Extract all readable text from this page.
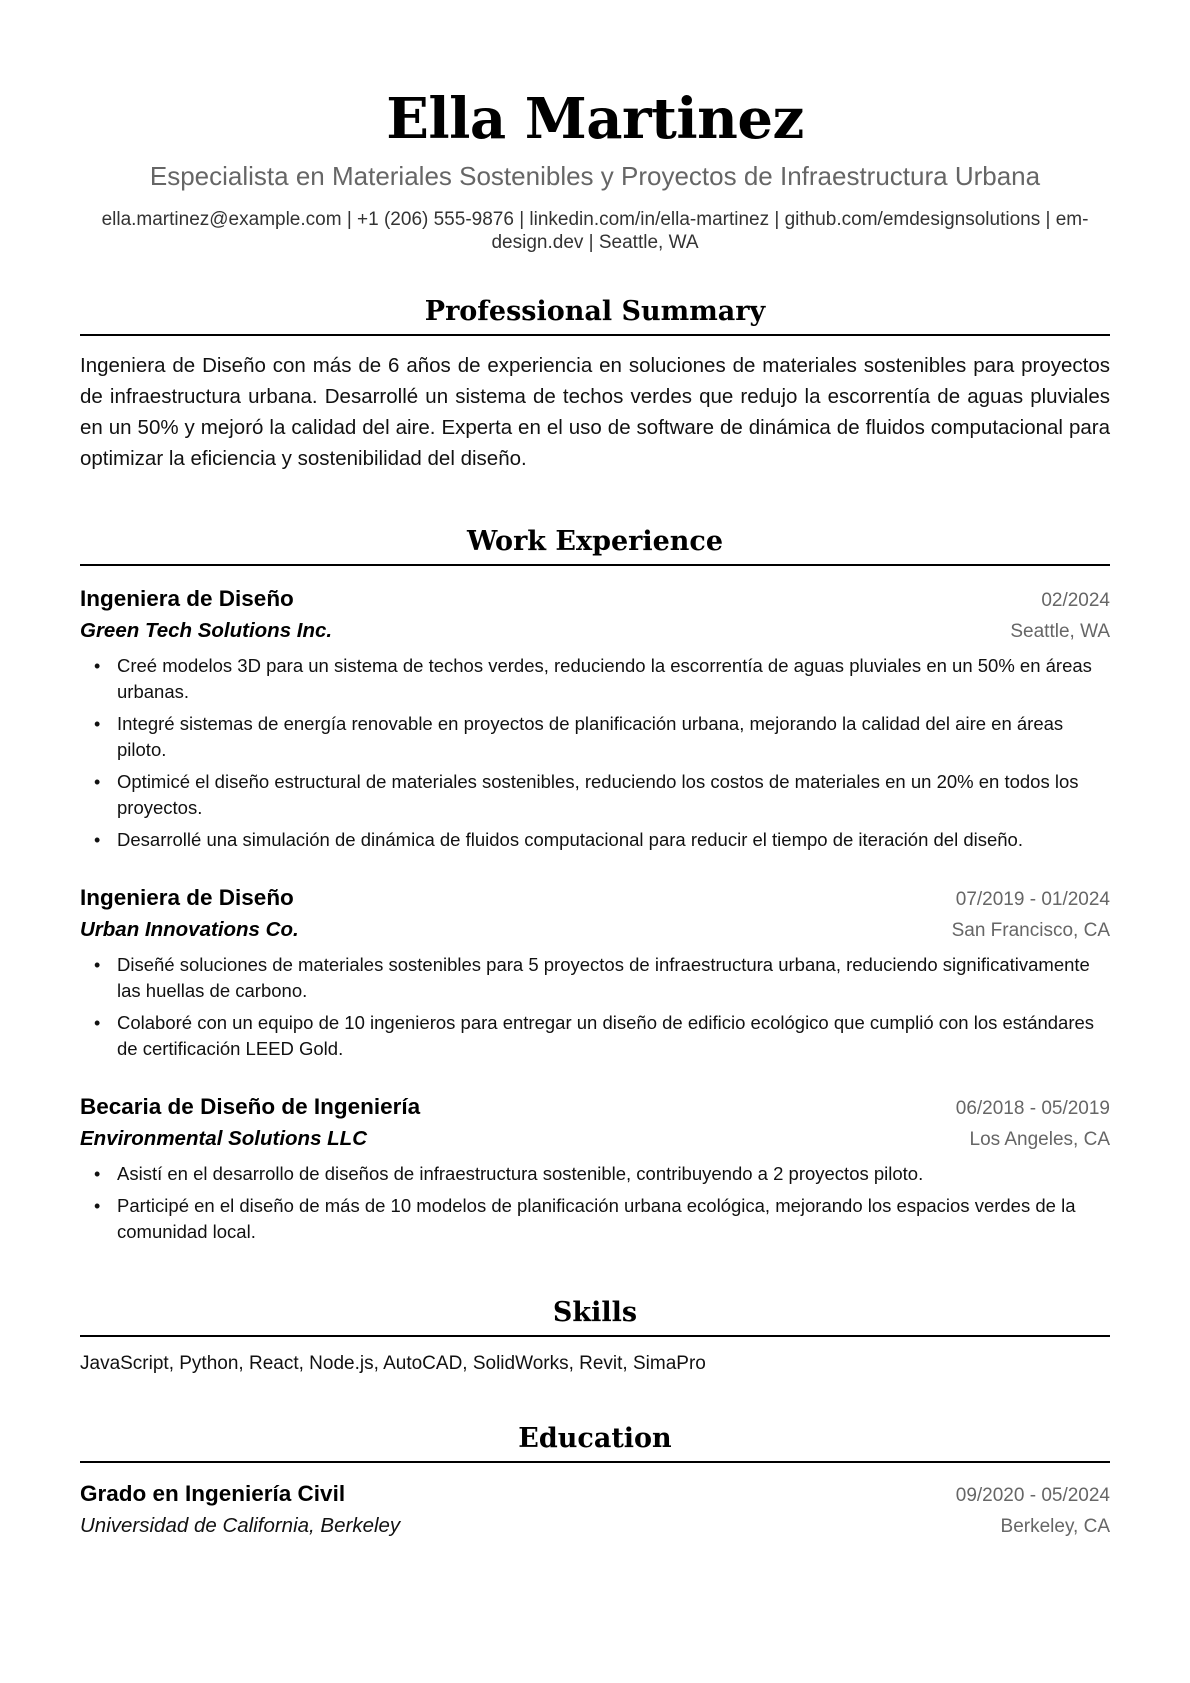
Ella Martinez
Especialista en Materiales Sostenibles y Proyectos de Infraestructura Urbana
ella.martinez@example.com | +1 (206) 555-9876 | linkedin.com/in/ella-martinez | github.com/emdesignsolutions | em-design.dev | Seattle, WA
Professional Summary

Ingeniera de Diseño con más de 6 años de experiencia en soluciones de materiales sostenibles para proyectos de infraestructura urbana. Desarrollé un sistema de techos verdes que redujo la escorrentía de aguas pluviales en un 50% y mejoró la calidad del aire. Experta en el uso de software de dinámica de fluidos computacional para optimizar la eficiencia y sostenibilidad del diseño.

Work Experience
Ingeniera de Diseño	02/2024
Green Tech Solutions Inc.	Seattle, WA
• Creé modelos 3D para un sistema de techos verdes, reduciendo la escorrentía de aguas pluviales en un 50% en áreas urbanas.
• Integré sistemas de energía renovable en proyectos de planificación urbana, mejorando la calidad del aire en áreas piloto.
• Optimicé el diseño estructural de materiales sostenibles, reduciendo los costos de materiales en un 20% en todos los proyectos.
• Desarrollé una simulación de dinámica de fluidos computacional para reducir el tiempo de iteración del diseño.
Ingeniera de Diseño	07/2019 - 01/2024
Urban Innovations Co.	San Francisco, CA
• Diseñé soluciones de materiales sostenibles para 5 proyectos de infraestructura urbana, reduciendo significativamente las huellas de carbono.
• Colaboré con un equipo de 10 ingenieros para entregar un diseño de edificio ecológico que cumplió con los estándares de certificación LEED Gold.
Becaria de Diseño de Ingeniería	06/2018 - 05/2019
Environmental Solutions LLC	Los Angeles, CA
• Asistí en el desarrollo de diseños de infraestructura sostenible, contribuyendo a 2 proyectos piloto.
• Participé en el diseño de más de 10 modelos de planificación urbana ecológica, mejorando los espacios verdes de la comunidad local.
Skills

JavaScript, Python, React, Node.js, AutoCAD, SolidWorks, Revit, SimaPro

Education
Grado en Ingeniería Civil	09/2020 - 05/2024
Universidad de California, Berkeley	Berkeley, CA
